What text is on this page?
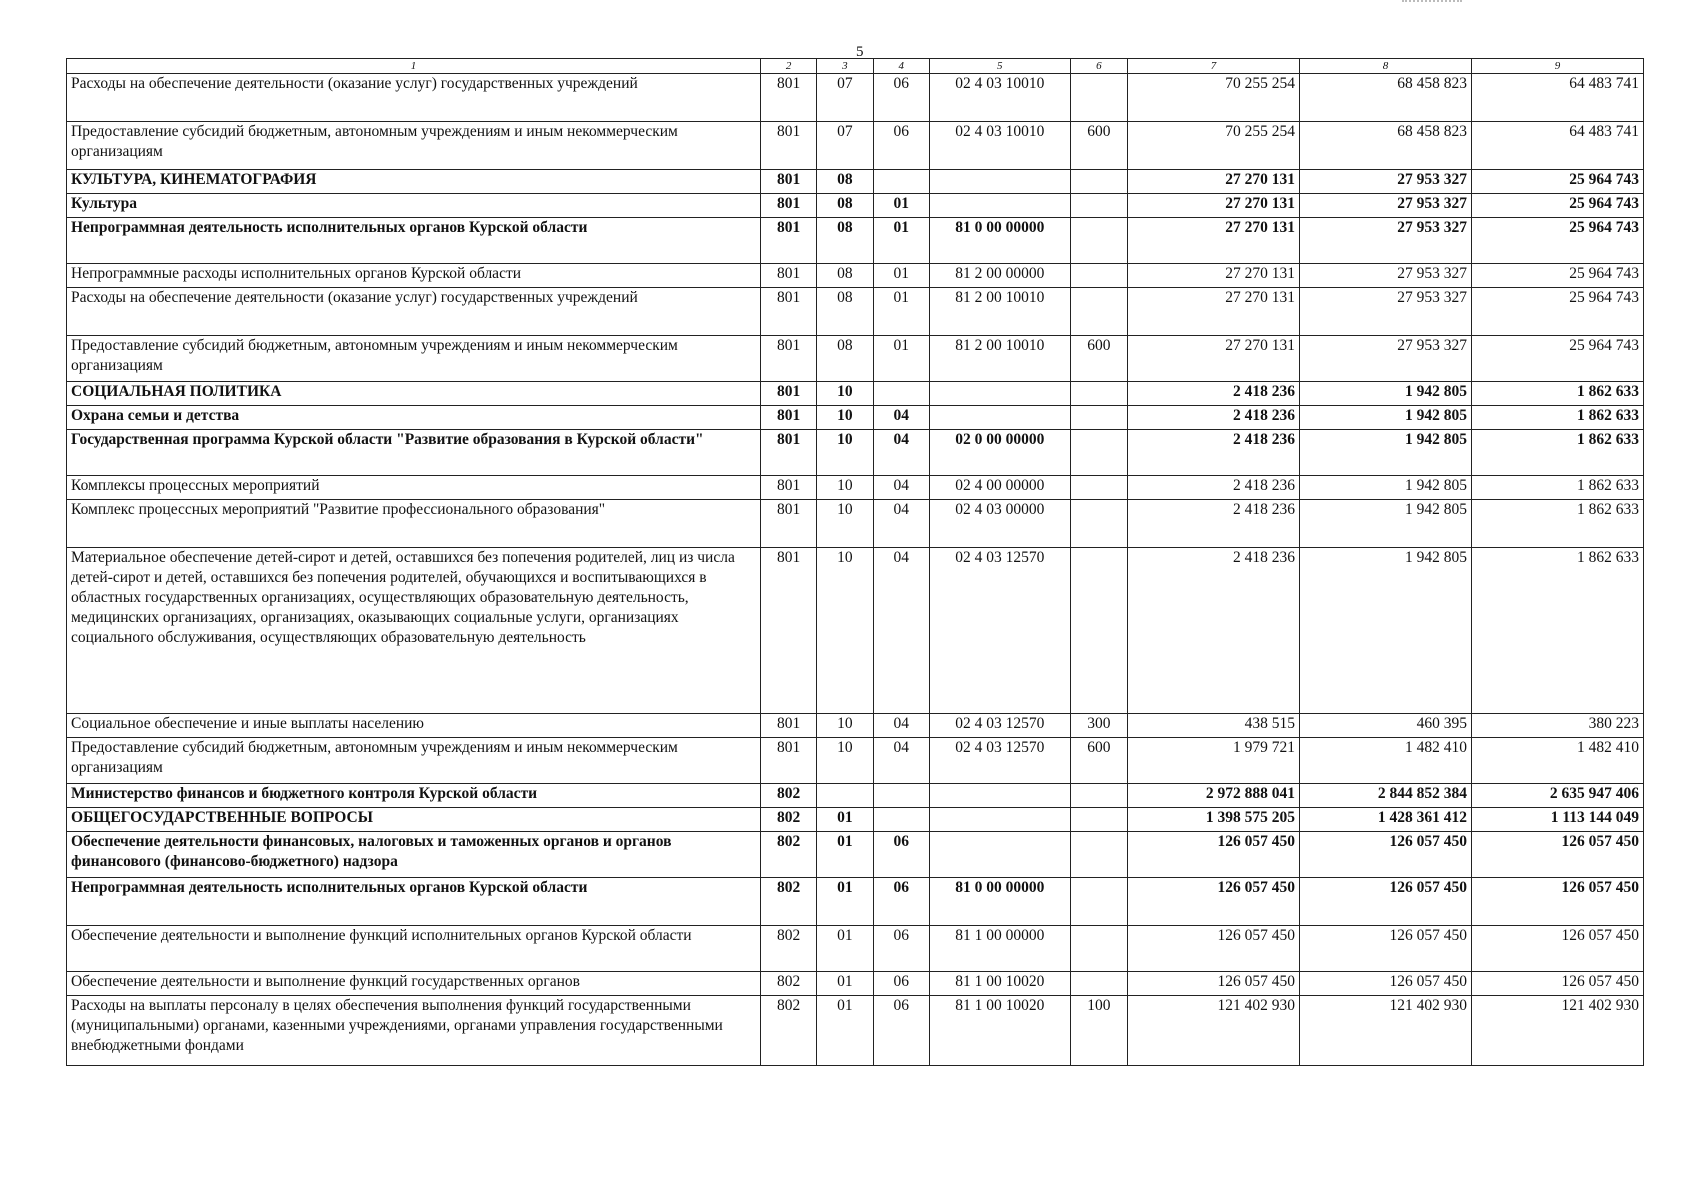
5
1	2	3	4	5	6	7	8	9
Расходы на обеспечение деятельности (оказание услуг) государственных учреждений	801	07	06	02 4 03 10010		70 255 254	68 458 823	64 483 741
Предоставление субсидий бюджетным, автономным учреждениям и иным некоммерческим организациям	801	07	06	02 4 03 10010	600	70 255 254	68 458 823	64 483 741
КУЛЬТУРА, КИНЕМАТОГРАФИЯ	801	08				27 270 131	27 953 327	25 964 743
Культура	801	08	01			27 270 131	27 953 327	25 964 743
Непрограммная деятельность исполнительных органов Курской области	801	08	01	81 0 00 00000		27 270 131	27 953 327	25 964 743
Непрограммные расходы исполнительных органов Курской области	801	08	01	81 2 00 00000		27 270 131	27 953 327	25 964 743
Расходы на обеспечение деятельности (оказание услуг) государственных учреждений	801	08	01	81 2 00 10010		27 270 131	27 953 327	25 964 743
Предоставление субсидий бюджетным, автономным учреждениям и иным некоммерческим организациям	801	08	01	81 2 00 10010	600	27 270 131	27 953 327	25 964 743
СОЦИАЛЬНАЯ ПОЛИТИКА	801	10				2 418 236	1 942 805	1 862 633
Охрана семьи и детства	801	10	04			2 418 236	1 942 805	1 862 633
Государственная программа Курской области "Развитие образования в Курской области"	801	10	04	02 0 00 00000		2 418 236	1 942 805	1 862 633
Комплексы процессных мероприятий	801	10	04	02 4 00 00000		2 418 236	1 942 805	1 862 633
Комплекс процессных мероприятий "Развитие профессионального образования"	801	10	04	02 4 03 00000		2 418 236	1 942 805	1 862 633
Материальное обеспечение детей-сирот и детей, оставшихся без попечения родителей, лиц из числа детей-сирот и детей, оставшихся без попечения родителей, обучающихся и воспитывающихся в областных государственных организациях, осуществляющих образовательную деятельность, медицинских организациях, организациях, оказывающих социальные услуги, организациях социального обслуживания, осуществляющих образовательную деятельность	801	10	04	02 4 03 12570		2 418 236	1 942 805	1 862 633
Социальное обеспечение и иные выплаты населению	801	10	04	02 4 03 12570	300	438 515	460 395	380 223
Предоставление субсидий бюджетным, автономным учреждениям и иным некоммерческим организациям	801	10	04	02 4 03 12570	600	1 979 721	1 482 410	1 482 410
Министерство финансов и бюджетного контроля Курской области	802					2 972 888 041	2 844 852 384	2 635 947 406
ОБЩЕГОСУДАРСТВЕННЫЕ ВОПРОСЫ	802	01				1 398 575 205	1 428 361 412	1 113 144 049
Обеспечение деятельности финансовых, налоговых и таможенных органов и органов финансового (финансово-бюджетного) надзора	802	01	06			126 057 450	126 057 450	126 057 450
Непрограммная деятельность исполнительных органов Курской области	802	01	06	81 0 00 00000		126 057 450	126 057 450	126 057 450
Обеспечение деятельности и выполнение функций исполнительных органов Курской области	802	01	06	81 1 00 00000		126 057 450	126 057 450	126 057 450
Обеспечение деятельности и выполнение функций государственных органов	802	01	06	81 1 00 10020		126 057 450	126 057 450	126 057 450
Расходы на выплаты персоналу в целях обеспечения выполнения функций государственными (муниципальными) органами, казенными учреждениями, органами управления государственными внебюджетными фондами	802	01	06	81 1 00 10020	100	121 402 930	121 402 930	121 402 930
